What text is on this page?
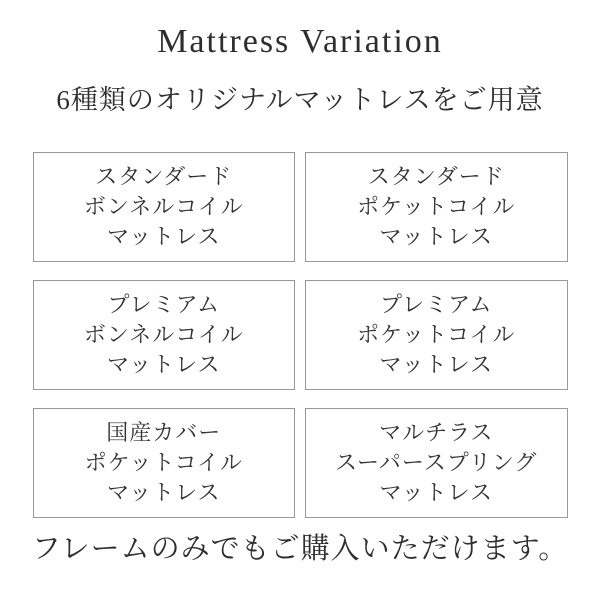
Mattress Variation
6種類のオリジナルマットレスをご用意
スタンダード
ボンネルコイル
マットレス
スタンダード
ポケットコイル
マットレス
プレミアム
ボンネルコイル
マットレス
プレミアム
ポケットコイル
マットレス
国産カバー
ポケットコイル
マットレス
マルチラス
スーパースプリング
マットレス

フレームのみでもご購入いただけます。
